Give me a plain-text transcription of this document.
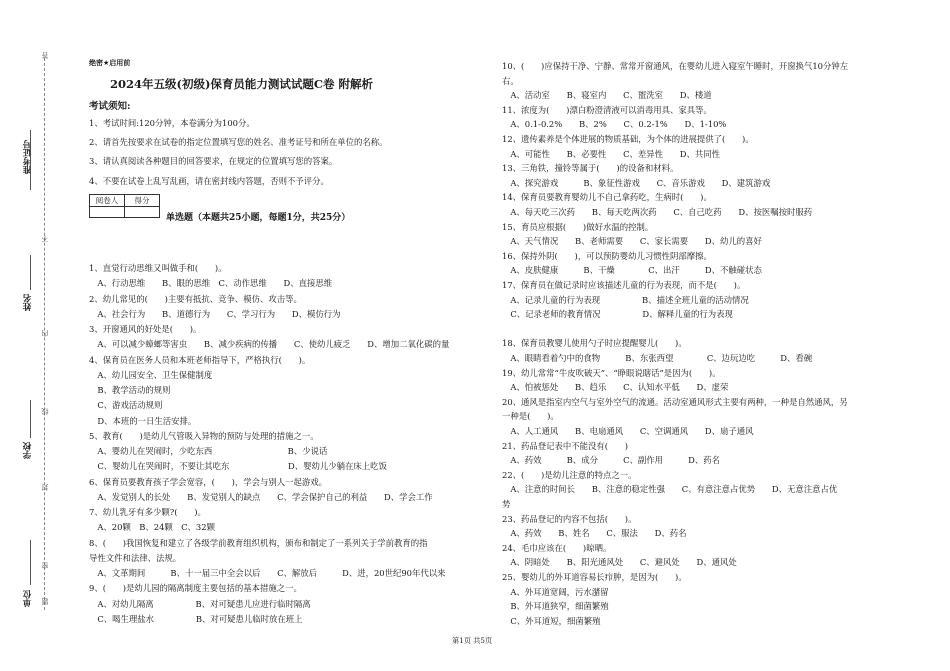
答
准考证号
不
姓名
内
线
学校
封
密
单位 题
绝密★启用前
2024年五级(初级)保育员能力测试试题C卷 附解析
考试须知:
1、考试时间:120分钟，本卷满分为100分。
2、请首先按要求在试卷的指定位置填写您的姓名、准考证号和所在单位的名称。
3、请认真阅读各种题目的回答要求，在规定的位置填写您的答案。
4、不要在试卷上乱写乱画，请在密封线内答题，否则不予评分。
阅卷人	得分

单选题（本题共25小题，每题1分，共25分）
1、直觉行动思维又叫做手和(　　)。
　A、行动思维　　B、眼的思维　C、动作思维　　D、直接思维
2、幼儿常见的(　　)主要有抵抗、竞争、模仿、攻击等。
　A、社会行为　　B、道德行为　　C、学习行为　　D、模仿行为
3、开窗通风的好处是(　　)。
　A、可以减少蟑螂等害虫　　B、减少疾病的传播　　C、使幼儿疲乏　　D、增加二氧化碳的量
4、保育员在医务人员和本班老师指导下，严格执行(　　)。
　A、幼儿园安全、卫生保健制度
　B、教学活动的规则
　C、游戏活动规则
　D、本班的一日生活安排。
5、教育(　　)是幼儿气管吸入异物的预防与处理的措施之一。
　A、婴幼儿在哭闹时，少吃东西　　　　　　　　　B、少说话
　C、婴幼儿在哭闹时，不要让其吃东　　　　　　　D、婴幼儿少躺在床上吃饭
6、保育员要教育孩子学会宽容，(　　)，学会与别人一起游戏。
　A、发觉别人的长处　　B、发觉别人的缺点　　C、学会保护自己的利益　　D、学会工作
7、幼儿乳牙有多少颗?(　　)。
　A、20颗　B、24颗　C、32颗
8、(　　)我国恢复和建立了各级学前教育组织机构，颁布和制定了一系列关于学前教育的指
导性文件和法律、法规。
　A、文革期间　　　B、十一届三中全会以后　　C、解放后　　　D、进，20世纪90年代以来
9、(　　)是幼儿园的隔离制度主要包括的基本措施之一。
　A、对幼儿隔离　　　　　B、对可疑患儿应进行临时隔离
　C、喝生理盐水　　　　　B、对可疑患儿临时放在班上
10、(　　)应保持干净、宁静、常常开窗通风，在婴幼儿进入寝室午睡时，开窗换气10分钟左
右。
　A、活动室　　B、寝室内　　C、盥洗室　　D、楼道
11、浓度为(　　)漂白粉澄清液可以消毒用具、家具等。
　A、0.1-0.2%　　B、2%　　C、0.2-1%　　D、1-10%
12、遗传素养是个体进展的物质基础，为个体的进展提供了(　　)。
　A、可能性　　B、必要性　　C、差异性　　D、共同性
13、三角铁，撞铃等属于(　　)的设备和材料。
　A、探究游戏　　　B、象征性游戏　　C、音乐游戏　　D、建筑游戏
14、保育员要教育婴幼儿不自己拿药吃，生病时(　　)。
　A、每天吃三次药　　B、每天吃两次药　　C、自己吃药　　D、按医嘱按时服药
15、育员应根据(　　)做好水温的控制。
　A、天气情况　　B、老师需要　　C、家长需要　　D、幼儿的喜好
16、保持外阴(　　)，可以预防婴幼儿习惯性阴部摩擦。
　A、皮肤健康　　　B、干燥　　　　C、出汗　　　D、不触碰状态
17、保育员在做记录时应该描述儿童的行为表现，而不是(　　)。
　A、记录儿童的行为表现　　　　　B、描述全班儿童的活动情况
　C、记录老师的教育情况　　　　　D、解释儿童的行为表现
18、保育员教婴儿使用勺子时应提醒婴儿(　　)。
　A、眼睛看着勺中的食物　　　B、东张西望　　　　C、边玩边吃　　　D、看碗
19、幼儿常常“牛皮吹破天”、“睁眼说瞎话”是因为(　　)。
　A、怕被惩处　　B、趋乐　　C、认知水平低　　D、虚荣
20、通风是指室内空气与室外空气的流通。活动室通风形式主要有两种，一种是自然通风，另
一种是(　　)。
　A、人工通风　　B、电扇通风　　C、空调通风　　D、扇子通风
21、药品登记表中不能没有(　　)
　A、药效　　　B、成分　　　C、副作用　　　D、药名
22、(　　)是幼儿注意的特点之一。
　A、注意的时间长　　B、注意的稳定性强　　C、有意注意占优势　　D、无意注意占优
势
23、药品登记的内容不包括(　　)。
　A、药效　　B、姓名　　C、服法　　D、药名
24、毛巾应该在(　　)晾晒。
　A、阴暗处　　B、阳光通风处　　C、避风处　　D、通风处
25、婴幼儿的外耳道容易长疖肿，是因为(　　)。
　A、外耳道宽阔，污水潴留
　B、外耳道狭窄，细菌繁殖
　C、外耳道短，细菌繁殖
第1页 共5页
